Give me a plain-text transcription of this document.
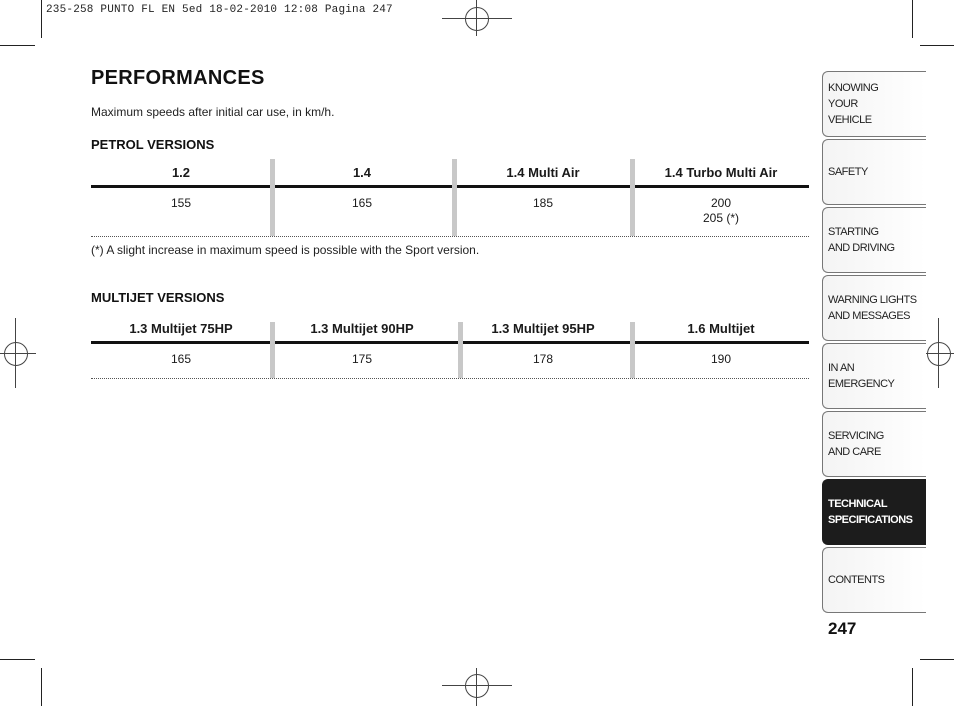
235-258 PUNTO FL EN 5ed 18-02-2010 12:08 Pagina 247
PERFORMANCES
Maximum speeds after initial car use, in km/h.
PETROL VERSIONS
1.2	1.4	1.4 Multi Air	1.4 Turbo Multi Air
155	165	185	200
205 (*)
(*) A slight increase in maximum speed is possible with the Sport version.
MULTIJET VERSIONS
1.3 Multijet 75HP	1.3 Multijet 90HP	1.3 Multijet 95HP	1.6 Multijet
165	175	178	190
KNOWING
YOUR
VEHICLE
SAFETY
STARTING
AND DRIVING
WARNING LIGHTS
AND MESSAGES
IN AN
EMERGENCY
SERVICING
AND CARE
TECHNICAL
SPECIFICATIONS
CONTENTS
247
